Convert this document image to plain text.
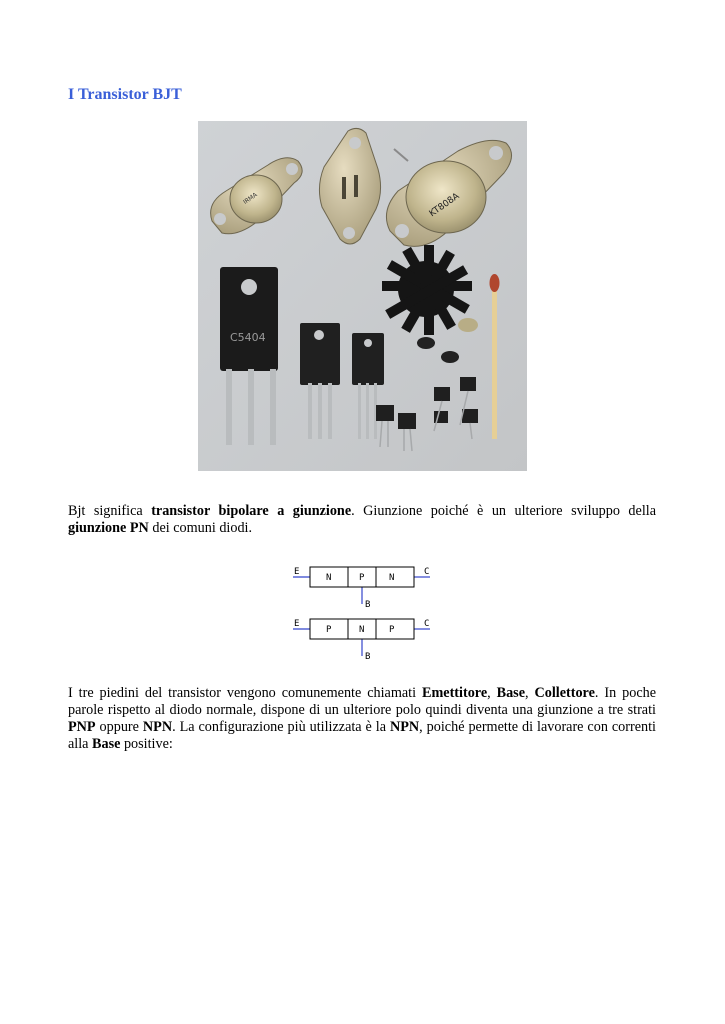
I Transistor BJT
IRMA	KT808A
C5404

Bjt significa transistor bipolare a giunzione. Giunzione poiché è un ulteriore sviluppo della giunzione PN dei comuni diodi.

E	C
B
N	P	N
E	C
B
P	N	P

I tre piedini del transistor vengono comunemente chiamati Emettitore, Base, Collettore. In poche parole rispetto al diodo normale, dispone di un ulteriore polo quindi diventa una giunzione a tre strati PNP oppure NPN. La configurazione più utilizzata è la NPN, poiché permette di lavorare con correnti alla Base positive:
